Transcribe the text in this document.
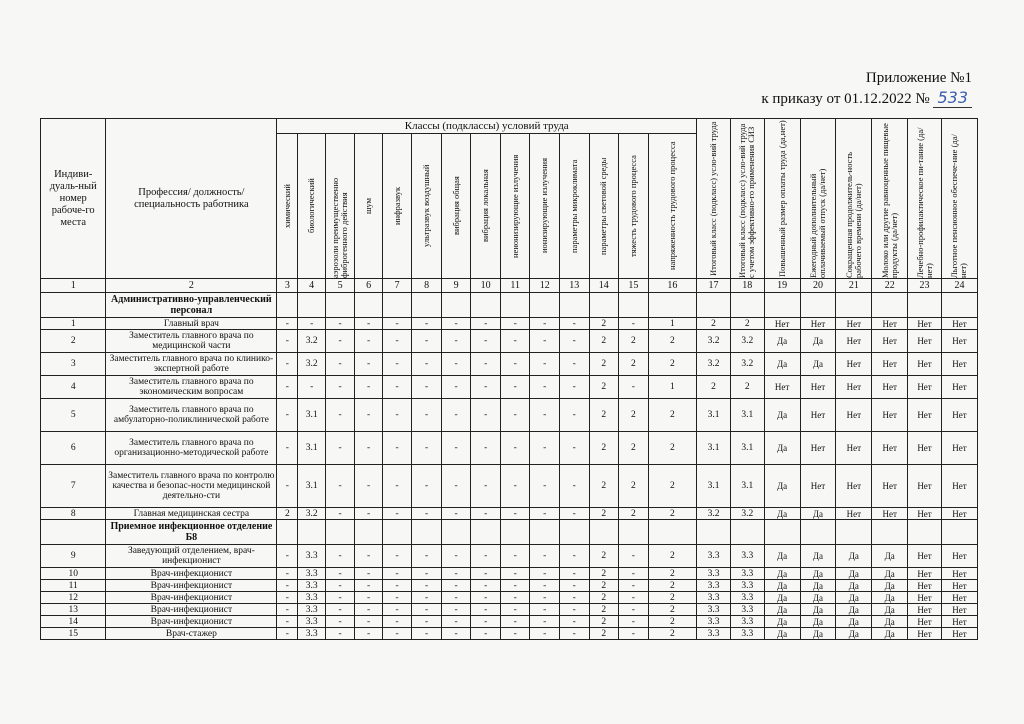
Приложение №1
к приказу от 01.12.2022 № 533
Индиви-дуаль-ный номер рабоче-го места	Профессия/ должность/ специальность работника	Классы (подклассы) условий труда														Итоговый класс (подкласс) усло-вий труда	Итоговый класс (подкласс) усло-вий труда с учетом эффективно-го применения СИЗ	Повышенный размер оплаты труда (да,нет)	Ежегодный дополнительный оплачиваемый отпуск (да/нет)	Сокращенная продолжитель-ность рабочего времени (да/нет)	Молоко или другие равноценные пищевые продукты (да/нет)	Лечебно-профилактическое пи-тание (да/нет)	Льготное пенсионное обеспече-ние (да/нет)

химический	биологический	аэрозоли преимущественно фиброгенного действия	шум	инфразвук	ультразвук воздушный	вибрация общая	вибрация локальная	неионизирующие излучения	ионизирующие излучения	параметры микроклимата	параметры световой среды	тяжесть трудового процесса	напряженность трудового процесса								

1	2	3	4	5	6	7	8	9	10	11	12	13	14	15	16	17	18	19	20	21	22	23	24
	Административно-управленческий персонал																						
1	Главный врач	-	-	-	-	-	-	-	-	-	-	-	2	-	1	2	2	Нет	Нет	Нет	Нет	Нет	Нет
2	Заместитель главного врача по медицинской части	-	3.2	-	-	-	-	-	-	-	-	-	2	2	2	3.2	3.2	Да	Да	Нет	Нет	Нет	Нет
3	Заместитель главного врача по клинико-экспертной работе	-	3.2	-	-	-	-	-	-	-	-	-	2	2	2	3.2	3.2	Да	Да	Нет	Нет	Нет	Нет
4	Заместитель главного врача по экономическим вопросам	-	-	-	-	-	-	-	-	-	-	-	2	-	1	2	2	Нет	Нет	Нет	Нет	Нет	Нет
5	Заместитель главного врача по амбулаторно-поликлинической работе	-	3.1	-	-	-	-	-	-	-	-	-	2	2	2	3.1	3.1	Да	Нет	Нет	Нет	Нет	Нет
6	Заместитель главного врача по организационно-методической работе	-	3.1	-	-	-	-	-	-	-	-	-	2	2	2	3.1	3.1	Да	Нет	Нет	Нет	Нет	Нет
7	Заместитель главного врача по контролю качества и безопас-ности медицинской деятельно-сти	-	3.1	-	-	-	-	-	-	-	-	-	2	2	2	3.1	3.1	Да	Нет	Нет	Нет	Нет	Нет
8	Главная медицинская сестра	2	3.2	-	-	-	-	-	-	-	-	-	2	2	2	3.2	3.2	Да	Да	Нет	Нет	Нет	Нет
	Приемное инфекционное отделение Б8																						
9	Заведующий отделением, врач-инфекционист	-	3.3	-	-	-	-	-	-	-	-	-	2	-	2	3.3	3.3	Да	Да	Да	Да	Нет	Нет
10	Врач-инфекционист	-	3.3	-	-	-	-	-	-	-	-	-	2	-	2	3.3	3.3	Да	Да	Да	Да	Нет	Нет
11	Врач-инфекционист	-	3.3	-	-	-	-	-	-	-	-	-	2	-	2	3.3	3.3	Да	Да	Да	Да	Нет	Нет
12	Врач-инфекционист	-	3.3	-	-	-	-	-	-	-	-	-	2	-	2	3.3	3.3	Да	Да	Да	Да	Нет	Нет
13	Врач-инфекционист	-	3.3	-	-	-	-	-	-	-	-	-	2	-	2	3.3	3.3	Да	Да	Да	Да	Нет	Нет
14	Врач-инфекционист	-	3.3	-	-	-	-	-	-	-	-	-	2	-	2	3.3	3.3	Да	Да	Да	Да	Нет	Нет
15	Врач-стажер	-	3.3	-	-	-	-	-	-	-	-	-	2	-	2	3.3	3.3	Да	Да	Да	Да	Нет	Нет
